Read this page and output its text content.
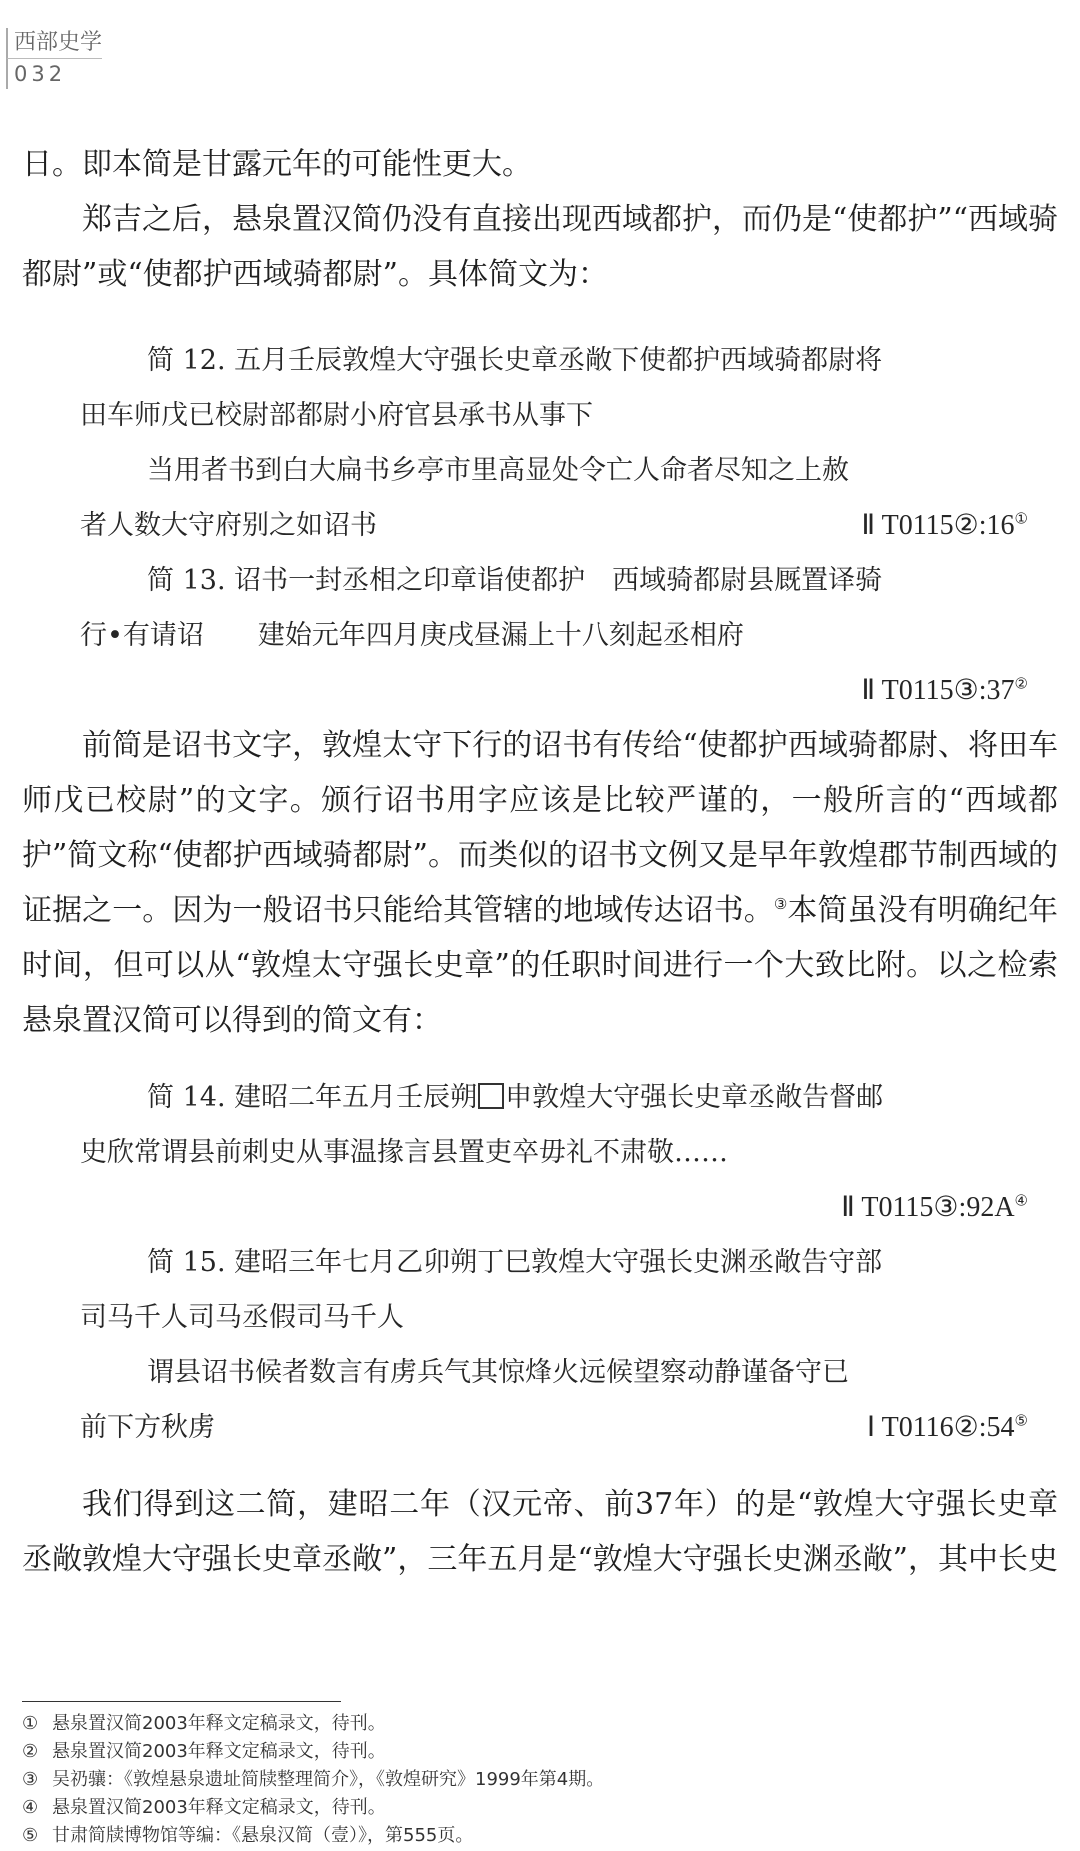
西部史学
032

日。即本简是甘露元年的可能性更大。

郑吉之后，悬泉置汉简仍没有直接出现西域都护，而仍是“使都护”“西域骑都尉”或“使都护西域骑都尉”。具体简文为：

简 12. 五月壬辰敦煌大守强长史章丞敞下使都护西域骑都尉将

田车师戊已校尉部都尉小府官县承书从事下

当用者书到白大扁书乡亭市里高显处令亡人命者尽知之上赦

者人数大守府别之如诏书	Ⅱ T0115②:16①

简 13. 诏书一封丞相之印章诣使都护　西域骑都尉县厩置译骑

行•有请诏　　建始元年四月庚戌昼漏上十八刻起丞相府

Ⅱ T0115③:37②

前简是诏书文字，敦煌太守下行的诏书有传给“使都护西域骑都尉、将田车师戊已校尉”的文字。颁行诏书用字应该是比较严谨的，一般所言的“西域都护”简文称“使都护西域骑都尉”。而类似的诏书文例又是早年敦煌郡节制西域的证据之一。因为一般诏书只能给其管辖的地域传达诏书。③本简虽没有明确纪年时间，但可以从“敦煌太守强长史章”的任职时间进行一个大致比附。以之检索悬泉置汉简可以得到的简文有：

简 14. 建昭二年五月壬辰朔 申敦煌大守强长史章丞敞告督邮

史欣常谓县前刺史从事温掾言县置吏卒毋礼不肃敬……

Ⅱ T0115③:92A④

简 15. 建昭三年七月乙卯朔丁巳敦煌大守强长史渊丞敞告守部

司马千人司马丞假司马千人

谓县诏书候者数言有虏兵气其惊烽火远候望察动静谨备守已

前下方秋虏	Ⅰ T0116②:54⑤

我们得到这二简，建昭二年（汉元帝、前37年）的是“敦煌大守强长史章丞敞敦煌大守强长史章丞敞”，三年五月是“敦煌大守强长史渊丞敞”，其中长史

① 悬泉置汉简2003年释文定稿录文，待刊。

② 悬泉置汉简2003年释文定稿录文，待刊。

③ 吴礽骧：《敦煌悬泉遗址简牍整理简介》，《敦煌研究》1999年第4期。

④ 悬泉置汉简2003年释文定稿录文，待刊。

⑤ 甘肃简牍博物馆等编：《悬泉汉简（壹）》，第555页。
